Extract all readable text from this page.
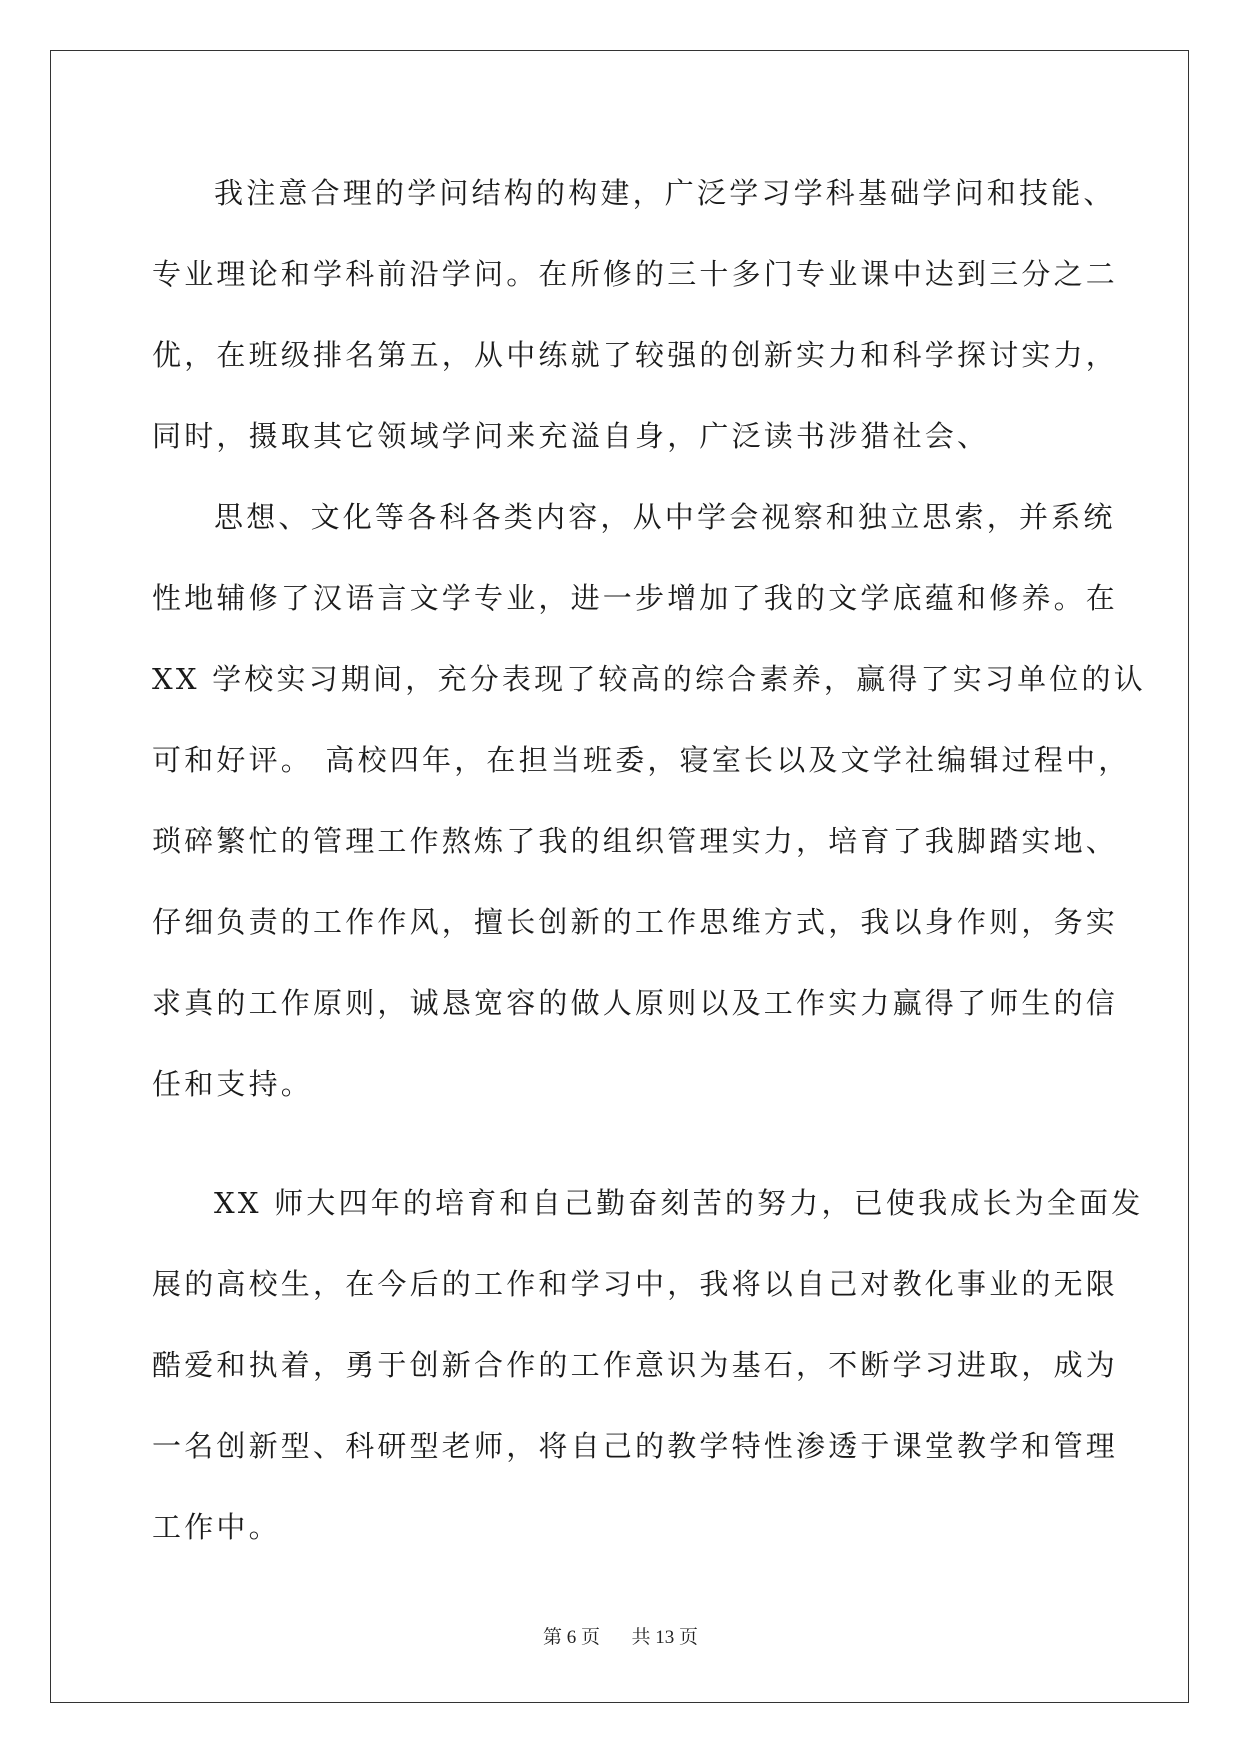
我注意合理的学问结构的构建，广泛学习学科基础学问和技能、
专业理论和学科前沿学问。在所修的三十多门专业课中达到三分之二
优，在班级排名第五，从中练就了较强的创新实力和科学探讨实力，
同时，摄取其它领域学问来充溢自身，广泛读书涉猎社会、
思想、文化等各科各类内容，从中学会视察和独立思索，并系统
性地辅修了汉语言文学专业，进一步增加了我的文学底蕴和修养。在
XX 学校实习期间，充分表现了较高的综合素养，赢得了实习单位的认
可和好评。 高校四年，在担当班委，寝室长以及文学社编辑过程中，
琐碎繁忙的管理工作熬炼了我的组织管理实力，培育了我脚踏实地、
仔细负责的工作作风，擅长创新的工作思维方式，我以身作则，务实
求真的工作原则，诚恳宽容的做人原则以及工作实力赢得了师生的信
任和支持。
XX 师大四年的培育和自己勤奋刻苦的努力，已使我成长为全面发
展的高校生，在今后的工作和学习中，我将以自己对教化事业的无限
酷爱和执着，勇于创新合作的工作意识为基石，不断学习进取，成为
一名创新型、科研型老师，将自己的教学特性渗透于课堂教学和管理
工作中。
第 6 页 共 13 页
